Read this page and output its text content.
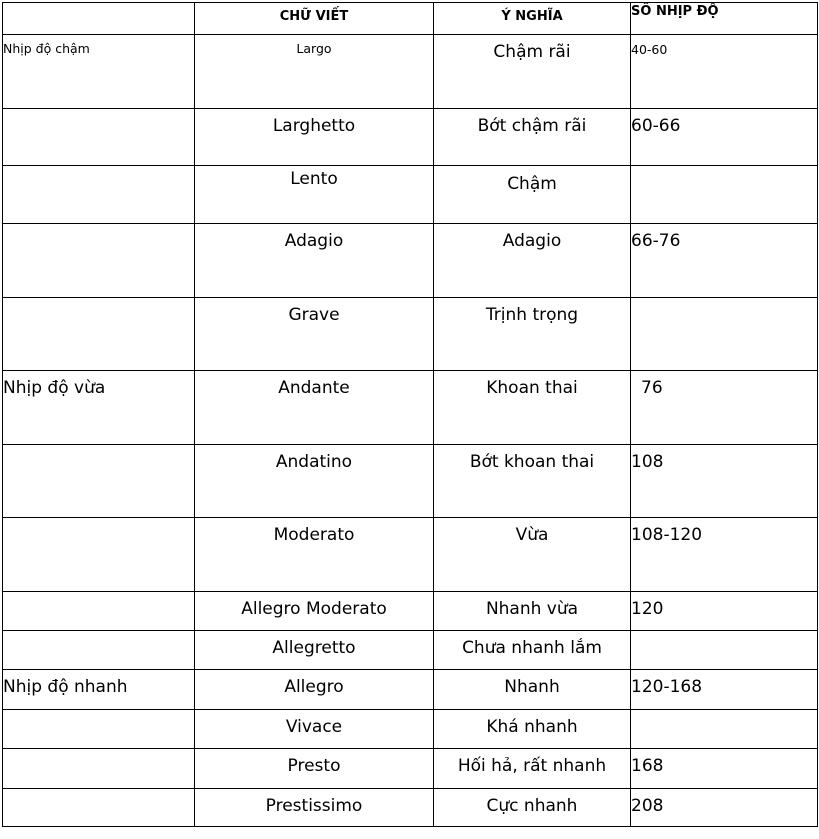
	CHỮ VIẾT	Ý NGHĨA	SỐ NHỊP ĐỘ

Nhịp độ chậm	Largo	Chậm rãi	40-60

	Larghetto	Bớt chậm rãi	60-66

	Lento	Chậm	

	Adagio	Adagio	66-76

	Grave	Trịnh trọng	

Nhịp độ vừa	Andante	Khoan thai	76

	Andatino	Bớt khoan thai	108

	Moderato	Vừa	108-120

	Allegro Moderato	Nhanh vừa	120

	Allegretto	Chưa nhanh lắm	

Nhịp độ nhanh	Allegro	Nhanh	120-168

	Vivace	Khá nhanh	

	Presto	Hối hả, rất nhanh	168

	Prestissimo	Cực nhanh	208
